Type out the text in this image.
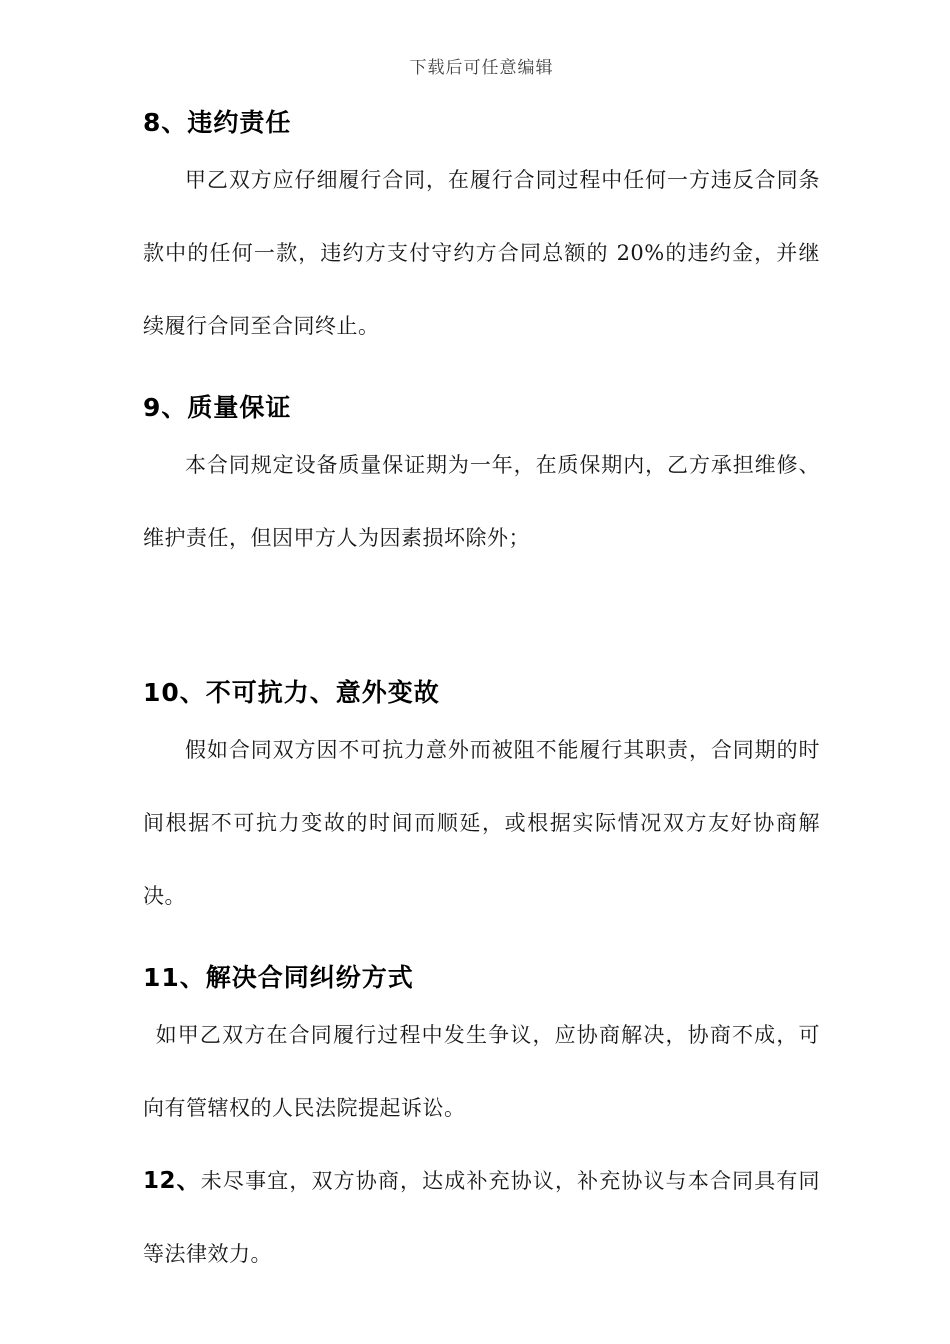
下载后可任意编辑
8、违约责任

甲乙双方应仔细履行合同，在履行合同过程中任何一方违反合同条款中的任何一款，违约方支付守约方合同总额的 20%的违约金，并继续履行合同至合同终止。

9、质量保证

本合同规定设备质量保证期为一年，在质保期内，乙方承担维修、维护责任，但因甲方人为因素损坏除外；

10、不可抗力、意外变故

假如合同双方因不可抗力意外而被阻不能履行其职责，合同期的时间根据不可抗力变故的时间而顺延，或根据实际情况双方友好协商解决。

11、解决合同纠纷方式

如甲乙双方在合同履行过程中发生争议，应协商解决，协商不成，可向有管辖权的人民法院提起诉讼。

12、未尽事宜，双方协商，达成补充协议，补充协议与本合同具有同等法律效力。
